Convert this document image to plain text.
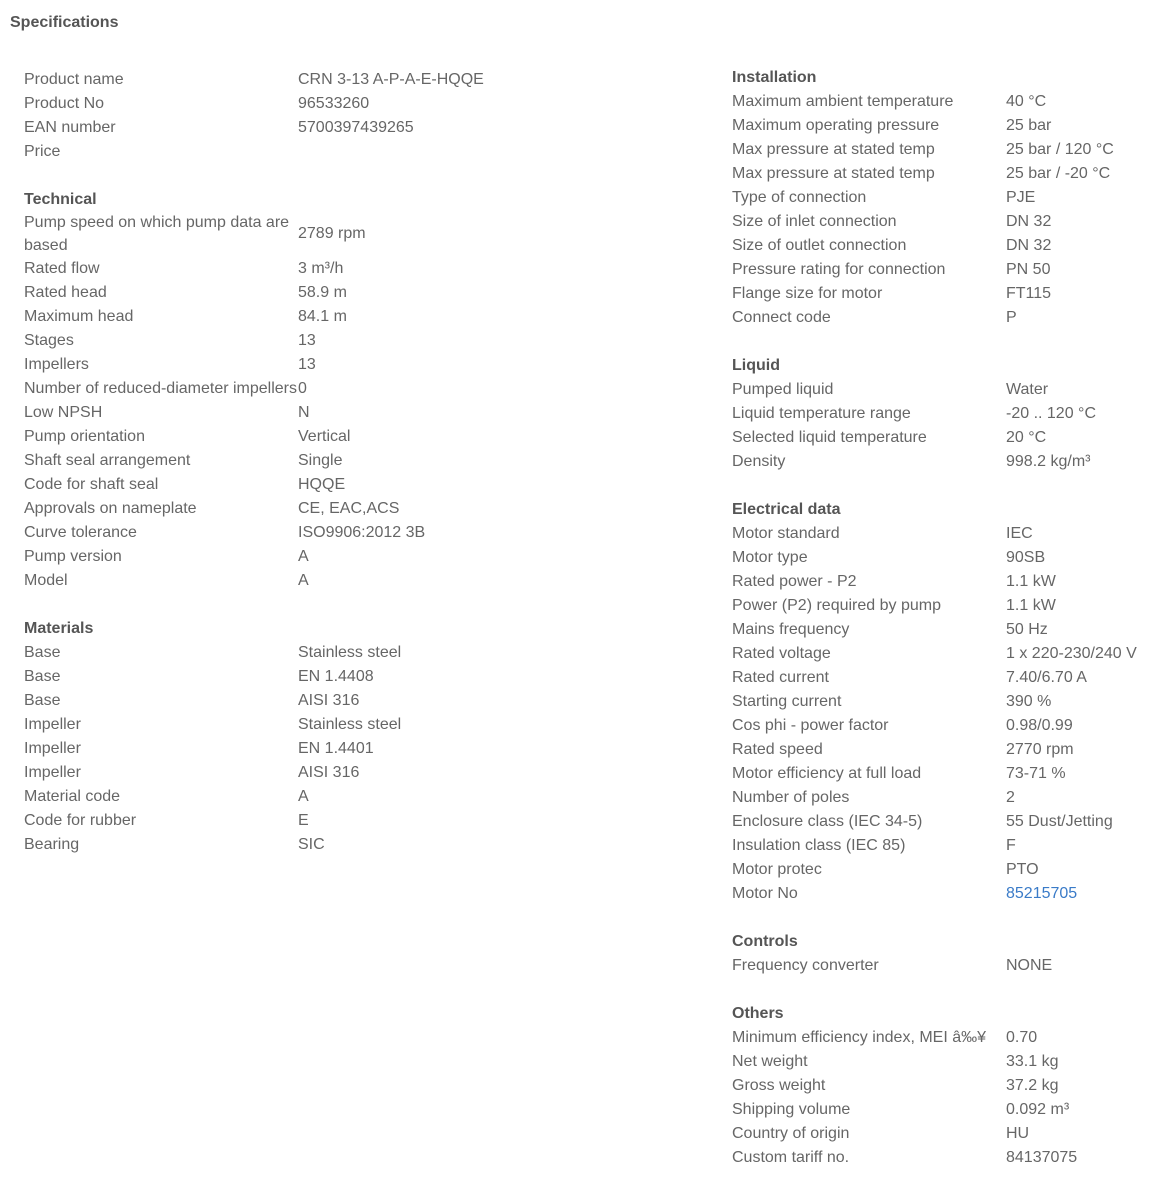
Specifications
Product name	CRN 3-13 A-P-A-E-HQQE
Product No	96533260
EAN number	5700397439265
Price
Technical
Pump speed on which pump data are based
2789 rpm
Rated flow	3 m³/h
Rated head	58.9 m
Maximum head	84.1 m
Stages	13
Impellers	13
Number of reduced-diameter impellers 0
Low NPSH	N
Pump orientation	Vertical
Shaft seal arrangement	Single
Code for shaft seal	HQQE
Approvals on nameplate	CE, EAC,ACS
Curve tolerance	ISO9906:2012 3B
Pump version	A
Model	A
Materials
Base	Stainless steel
Base	EN 1.4408
Base	AISI 316
Impeller	Stainless steel
Impeller	EN 1.4401
Impeller	AISI 316
Material code	A
Code for rubber	E
Bearing	SIC
Installation
Maximum ambient temperature	40 °C
Maximum operating pressure	25 bar
Max pressure at stated temp	25 bar / 120 °C
Max pressure at stated temp	25 bar / -20 °C
Type of connection	PJE
Size of inlet connection	DN 32
Size of outlet connection	DN 32
Pressure rating for connection	PN 50
Flange size for motor	FT115
Connect code	P
Liquid
Pumped liquid	Water
Liquid temperature range	-20 .. 120 °C
Selected liquid temperature	20 °C
Density	998.2 kg/m³
Electrical data
Motor standard	IEC
Motor type	90SB
Rated power - P2	1.1 kW
Power (P2) required by pump	1.1 kW
Mains frequency	50 Hz
Rated voltage	1 x 220-230/240 V
Rated current	7.40/6.70 A
Starting current	390 %
Cos phi - power factor	0.98/0.99
Rated speed	2770 rpm
Motor efficiency at full load	73-71 %
Number of poles	2
Enclosure class (IEC 34-5)	55 Dust/Jetting
Insulation class (IEC 85)	F
Motor protec	PTO
Motor No	85215705
Controls
Frequency converter	NONE
Others
Minimum efficiency index, MEI â‰¥	0.70
Net weight	33.1 kg
Gross weight	37.2 kg
Shipping volume	0.092 m³
Country of origin	HU
Custom tariff no.	84137075
